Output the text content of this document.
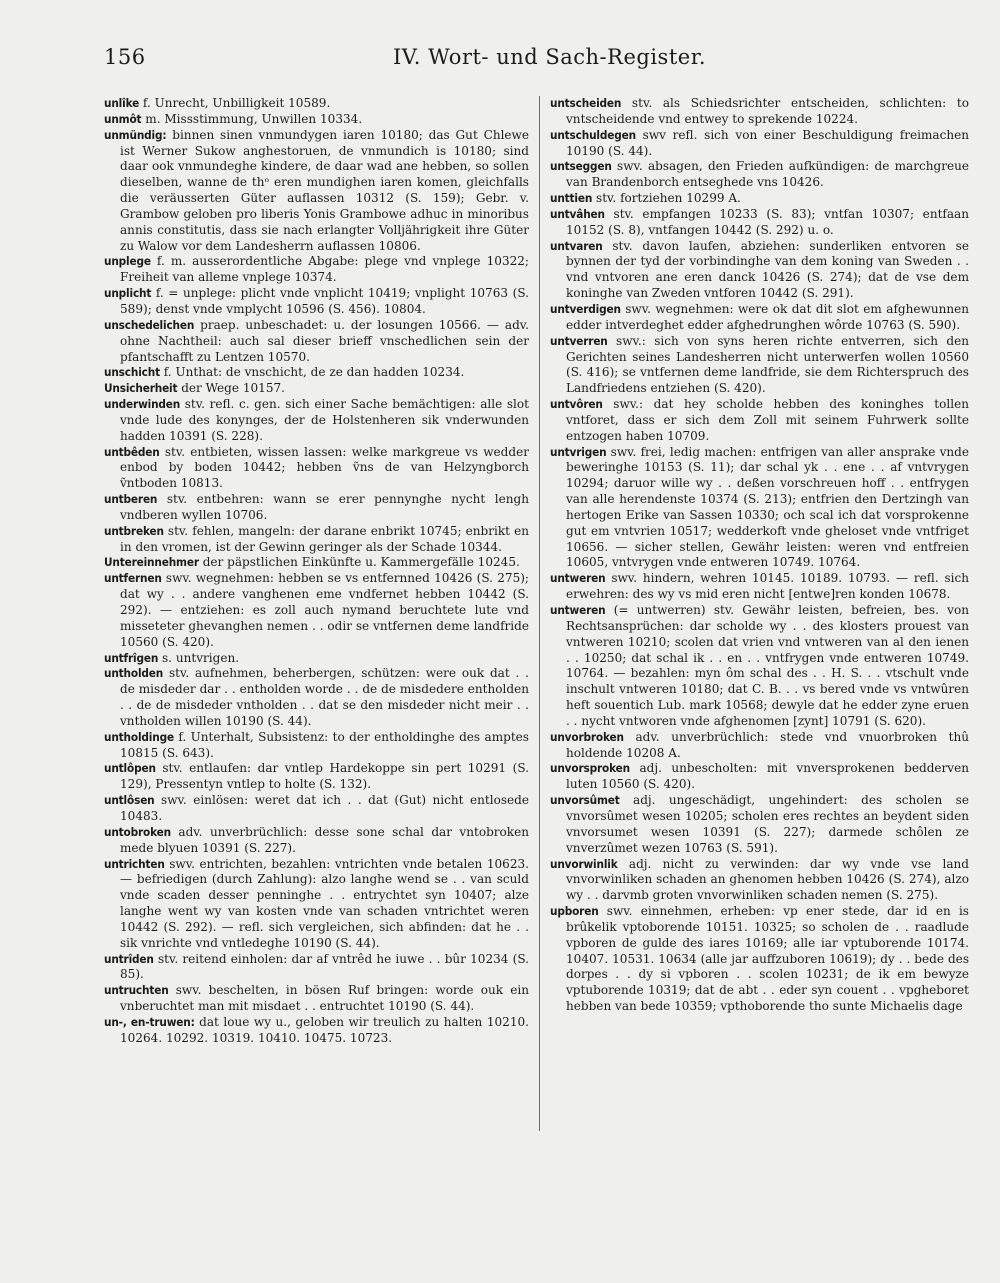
156	IV. Wort- und Sach-Register.

unlîke f. Unrecht, Unbilligkeit 10589.

unmôt m. Missstimmung, Unwillen 10334.

unmündig: binnen sinen vnmundygen iaren 10180; das Gut Chlewe ist Werner Sukow anghestoruen, de vnmundich is 10180; sind daar ook vnmundeghe kindere, de daar wad ane hebben, so sollen dieselben, wanne de thᵒ eren mundighen iaren komen, gleichfalls die veräusserten Güter auflassen 10312 (S. 159); Gebr. v. Grambow geloben pro liberis Yonis Grambowe adhuc in minoribus annis constitutis, dass sie nach erlangter Volljährigkeit ihre Güter zu Walow vor dem Landesherrn auflassen 10806.

unplege f. m. ausserordentliche Abgabe: plege vnd vnplege 10322; Freiheit van alleme vnplege 10374.

unplicht f. = unplege: plicht vnde vnplicht 10419; vnplight 10763 (S. 589); denst vnde vmplycht 10596 (S. 456). 10804.

unschedelichen praep. unbeschadet: u. der losungen 10566. — adv. ohne Nachtheil: auch sal dieser brieff vnschedlichen sein der pfantschafft zu Lentzen 10570.

unschicht f. Unthat: de vnschicht, de ze dan hadden 10234.

Unsicherheit der Wege 10157.

underwinden stv. refl. c. gen. sich einer Sache bemächtigen: alle slot vnde lude des konynges, der de Holstenheren sik vnderwunden hadden 10391 (S. 228).

untbêden stv. entbieten, wissen lassen: welke markgreue vs wedder enbod by boden 10442; hebben ṽns de van Helzyngborch ṽntboden 10813.

untberen stv. entbehren: wann se erer pennynghe nycht lengh vndberen wyllen 10706.

untbreken stv. fehlen, mangeln: der darane enbrikt 10745; enbrikt en in den vromen, ist der Gewinn geringer als der Schade 10344.

Untereinnehmer der päpstlichen Einkünfte u. Kammergefälle 10245.

untfernen swv. wegnehmen: hebben se vs entfernned 10426 (S. 275); dat wy . . andere vanghenen eme vndfernet hebben 10442 (S. 292). — entziehen: es zoll auch nymand beruchtete lute vnd misseteter ghevanghen nemen . . odir se vntfernen deme landfride 10560 (S. 420).

untfrîgen s. untvrigen.

untholden stv. aufnehmen, beherbergen, schützen: were ouk dat . . de misdeder dar . . entholden worde . . de de misdedere entholden . . de de misdeder vntholden . . dat se den misdeder nicht meir . . vntholden willen 10190 (S. 44).

untholdinge f. Unterhalt, Subsistenz: to der entholdinghe des amptes 10815 (S. 643).

untlôpen stv. entlaufen: dar vntlep Hardekoppe sin pert 10291 (S. 129), Pressentyn vntlep to holte (S. 132).

untlôsen swv. einlösen: weret dat ich . . dat (Gut) nicht entlosede 10483.

untobroken adv. unverbrüchlich: desse sone schal dar vntobroken mede blyuen 10391 (S. 227).

untrichten swv. entrichten, bezahlen: vntrichten vnde betalen 10623. — befriedigen (durch Zahlung): alzo langhe wend se . . van sculd vnde scaden desser penninghe . . entrychtet syn 10407; alze langhe went wy van kosten vnde van schaden vntrichtet weren 10442 (S. 292). — refl. sich vergleichen, sich abfinden: dat he . . sik vnrichte vnd vntledeghe 10190 (S. 44).

untrîden stv. reitend einholen: dar af vntrêd he iuwe . . bûr 10234 (S. 85).

untruchten swv. beschelten, in bösen Ruf bringen: worde ouk ein vnberuchtet man mit misdaet . . entruchtet 10190 (S. 44).

un-, en-truwen: dat loue wy u., geloben wir treulich zu halten 10210. 10264. 10292. 10319. 10410. 10475. 10723.

untscheiden stv. als Schiedsrichter entscheiden, schlichten: to vntscheidende vnd entwey to sprekende 10224.

untschuldegen swv refl. sich von einer Beschuldigung freimachen 10190 (S. 44).

untseggen swv. absagen, den Frieden aufkündigen: de marchgreue van Brandenborch entseghede vns 10426.

unttien stv. fortziehen 10299 A.

untvâhen stv. empfangen 10233 (S. 83); vntfan 10307; entfaan 10152 (S. 8), vntfangen 10442 (S. 292) u. o.

untvaren stv. davon laufen, abziehen: sunderliken entvoren se bynnen der tyd der vorbindinghe van dem koning van Sweden . . vnd vntvoren ane eren danck 10426 (S. 274); dat de vse dem koninghe van Zweden vntforen 10442 (S. 291).

untverdigen swv. wegnehmen: were ok dat dit slot em afghewunnen edder intverdeghet edder afghedrunghen wôrde 10763 (S. 590).

untverren swv.: sich von syns heren richte entverren, sich den Gerichten seines Landesherren nicht unterwerfen wollen 10560 (S. 416); se vntfernen deme landfride, sie dem Richterspruch des Landfriedens entziehen (S. 420).

untvôren swv.: dat hey scholde hebben des koninghes tollen vntforet, dass er sich dem Zoll mit seinem Fuhrwerk sollte entzogen haben 10709.

untvrigen swv. frei, ledig machen: entfrigen van aller ansprake vnde beweringhe 10153 (S. 11); dar schal yk . . ene . . af vntvrygen 10294; daruor wille wy . . deßen vorschreuen hoff . . entfrygen van alle herendenste 10374 (S. 213); entfrien den Dertzingh van hertogen Erike van Sassen 10330; och scal ich dat vorsprokenne gut em vntvrien 10517; wedderkoft vnde gheloset vnde vntfriget 10656. — sicher stellen, Gewähr leisten: weren vnd entfreien 10605, vntvrygen vnde entweren 10749. 10764.

untweren swv. hindern, wehren 10145. 10189. 10793. — refl. sich erwehren: des wy vs mid eren nicht [entwe]ren konden 10678.

untweren (= untwerren) stv. Gewähr leisten, befreien, bes. von Rechtsansprüchen: dar scholde wy . . des klosters prouest van vntweren 10210; scolen dat vrien vnd vntweren van al den ienen . . 10250; dat schal ik . . en . . vntfrygen vnde entweren 10749. 10764. — bezahlen: myn ôm schal des . . H. S. . . vtschult vnde inschult vntweren 10180; dat C. B. . . vs bered vnde vs vntwûren heft souentich Lub. mark 10568; dewyle dat he edder zyne eruen . . nycht vntworen vnde afghenomen [zynt] 10791 (S. 620).

unvorbroken adv. unverbrüchlich: stede vnd vnuorbroken thû holdende 10208 A.

unvorsproken adj. unbescholten: mit vnversprokenen bedderven luten 10560 (S. 420).

unvorsûmet adj. ungeschädigt, ungehindert: des scholen se vnvorsûmet wesen 10205; scholen eres rechtes an beydent siden vnvorsumet wesen 10391 (S. 227); darmede schôlen ze vnverzûmet wezen 10763 (S. 591).

unvorwinlik adj. nicht zu verwinden: dar wy vnde vse land vnvorwinliken schaden an ghenomen hebben 10426 (S. 274), alzo wy . . darvmb groten vnvorwinliken schaden nemen (S. 275).

upboren swv. einnehmen, erheben: vp ener stede, dar id en is brûkelik vptoborende 10151. 10325; so scholen de . . raadlude vpboren de gulde des iares 10169; alle iar vptuborende 10174. 10407. 10531. 10634 (alle jar auffzuboren 10619); dy . . bede des dorpes . . dy si vpboren . . scolen 10231; de ik em bewyze vptuborende 10319; dat de abt . . eder syn couent . . vpgheboret hebben van bede 10359; vpthoborende tho sunte Michaelis dage
